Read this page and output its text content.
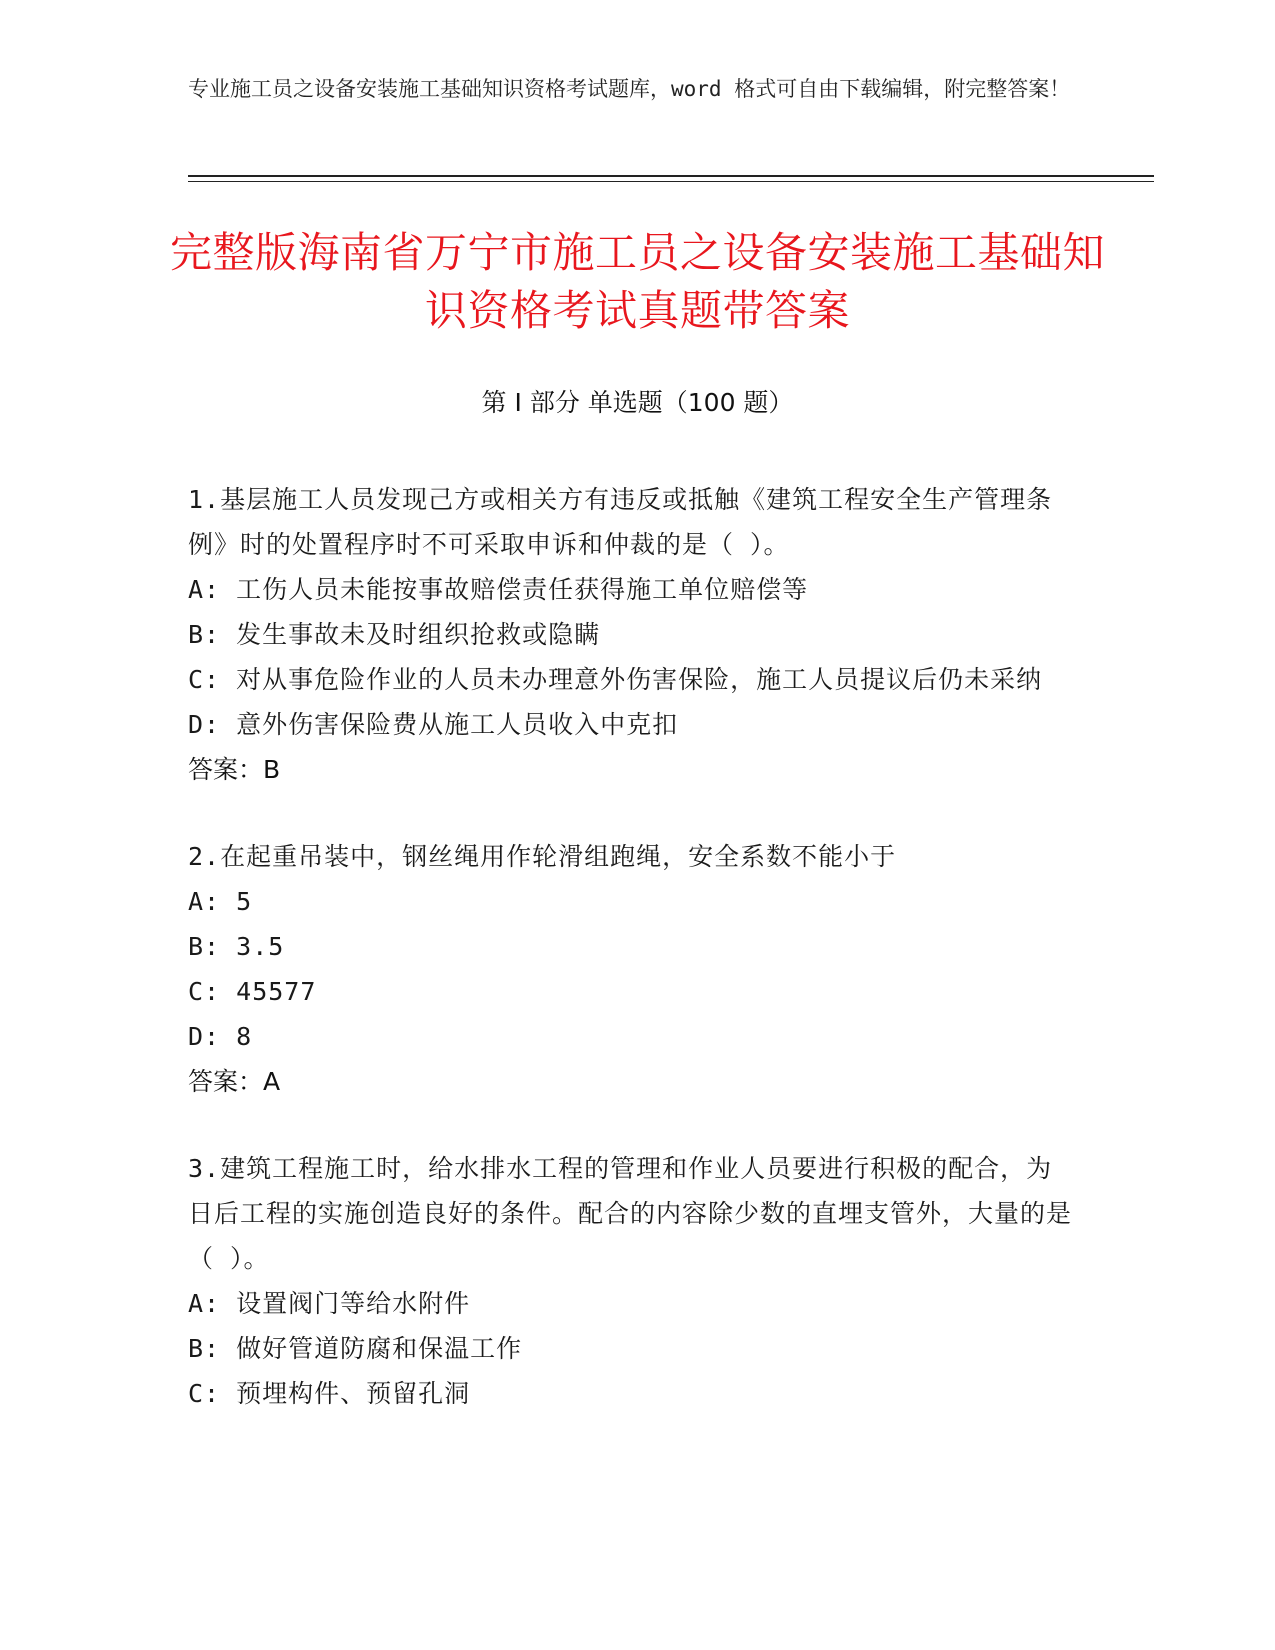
专业施工员之设备安装施工基础知识资格考试题库，word 格式可自由下载编辑，附完整答案！
完整版海南省万宁市施工员之设备安装施工基础知识资格考试真题带答案
第 I 部分 单选题（100 题）
1.基层施工人员发现己方或相关方有违反或抵触《建筑工程安全生产管理条例》时的处置程序时不可采取申诉和仲裁的是（ ）。
A: 工伤人员未能按事故赔偿责任获得施工单位赔偿等
B: 发生事故未及时组织抢救或隐瞒
C: 对从事危险作业的人员未办理意外伤害保险，施工人员提议后仍未采纳
D: 意外伤害保险费从施工人员收入中克扣
答案：B
2.在起重吊装中，钢丝绳用作轮滑组跑绳，安全系数不能小于
A: 5
B: 3.5
C: 45577
D: 8
答案：A
3.建筑工程施工时，给水排水工程的管理和作业人员要进行积极的配合，为日后工程的实施创造良好的条件。配合的内容除少数的直埋支管外，大量的是（ ）。
A: 设置阀门等给水附件
B: 做好管道防腐和保温工作
C: 预埋构件、预留孔洞
